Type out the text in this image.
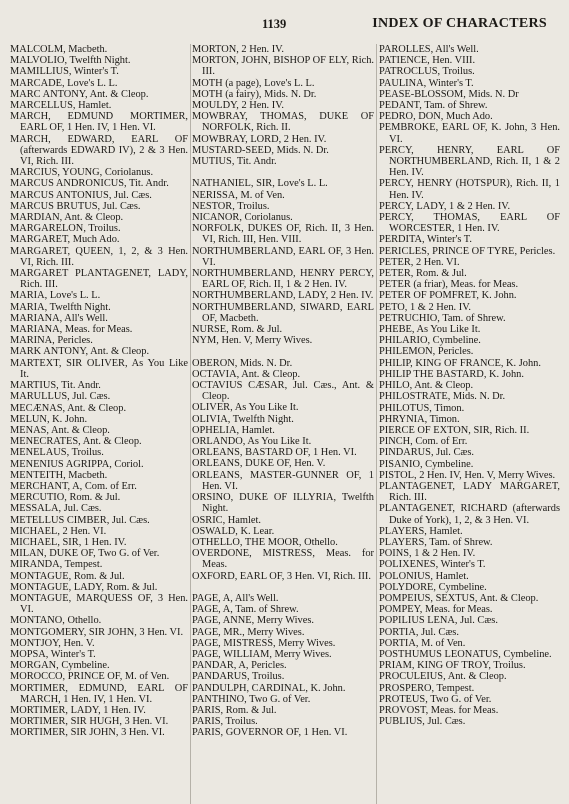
1139	INDEX OF CHARACTERS

MALCOLM, Macbeth.

MALVOLIO, Twelfth Night.

MAMILLIUS, Winter's T.

MARCADE, Love's L. L.

MARC ANTONY, Ant. & Cleop.

MARCELLUS, Hamlet.

MARCH, EDMUND MORTIMER, EARL OF, 1 Hen. IV, 1 Hen. VI.

MARCH, EDWARD, EARL OF (afterwards EDWARD IV), 2 & 3 Hen. VI, Rich. III.

MARCIUS, YOUNG, Coriolanus.

MARCUS ANDRONICUS, Tit. Andr.

MARCUS ANTONIUS, Jul. Cæs.

MARCUS BRUTUS, Jul. Cæs.

MARDIAN, Ant. & Cleop.

MARGARELON, Troilus.

MARGARET, Much Ado.

MARGARET, QUEEN, 1, 2, & 3 Hen. VI, Rich. III.

MARGARET PLANTAGENET, LADY, Rich. III.

MARIA, Love's L. L.

MARIA, Twelfth Night.

MARIANA, All's Well.

MARIANA, Meas. for Meas.

MARINA, Pericles.

MARK ANTONY, Ant. & Cleop.

MARTEXT, SIR OLIVER, As You Like It.

MARTIUS, Tit. Andr.

MARULLUS, Jul. Cæs.

MECÆNAS, Ant. & Cleop.

MELUN, K. John.

MENAS, Ant. & Cleop.

MENECRATES, Ant. & Cleop.

MENELAUS, Troilus.

MENENIUS AGRIPPA, Coriol.

MENTEITH, Macbeth.

MERCHANT, A, Com. of Err.

MERCUTIO, Rom. & Jul.

MESSALA, Jul. Cæs.

METELLUS CIMBER, Jul. Cæs.

MICHAEL, 2 Hen. VI.

MICHAEL, SIR, 1 Hen. IV.

MILAN, DUKE OF, Two G. of Ver.

MIRANDA, Tempest.

MONTAGUE, Rom. & Jul.

MONTAGUE, LADY, Rom. & Jul.

MONTAGUE, MARQUESS OF, 3 Hen. VI.

MONTANO, Othello.

MONTGOMERY, SIR JOHN, 3 Hen. VI.

MONTJOY, Hen. V.

MOPSA, Winter's T.

MORGAN, Cymbeline.

MOROCCO, PRINCE OF, M. of Ven.

MORTIMER, EDMUND, EARL OF MARCH, 1 Hen. IV, 1 Hen. VI.

MORTIMER, LADY, 1 Hen. IV.

MORTIMER, SIR HUGH, 3 Hen. VI.

MORTIMER, SIR JOHN, 3 Hen. VI.

MORTON, 2 Hen. IV.

MORTON, JOHN, BISHOP OF ELY, Rich. III.

MOTH (a page), Love's L. L.

MOTH (a fairy), Mids. N. Dr.

MOULDY, 2 Hen. IV.

MOWBRAY, THOMAS, DUKE OF NORFOLK, Rich. II.

MOWBRAY, LORD, 2 Hen. IV.

MUSTARD-SEED, Mids. N. Dr.

MUTIUS, Tit. Andr.

NATHANIEL, SIR, Love's L. L.

NERISSA, M. of Ven.

NESTOR, Troilus.

NICANOR, Coriolanus.

NORFOLK, DUKES OF, Rich. II, 3 Hen. VI, Rich. III, Hen. VIII.

NORTHUMBERLAND, EARL OF, 3 Hen. VI.

NORTHUMBERLAND, HENRY PERCY, EARL OF, Rich. II, 1 & 2 Hen. IV.

NORTHUMBERLAND, LADY, 2 Hen. IV.

NORTHUMBERLAND, SIWARD, EARL OF, Macbeth.

NURSE, Rom. & Jul.

NYM, Hen. V, Merry Wives.

OBERON, Mids. N. Dr.

OCTAVIA, Ant. & Cleop.

OCTAVIUS CÆSAR, Jul. Cæs., Ant. & Cleop.

OLIVER, As You Like It.

OLIVIA, Twelfth Night.

OPHELIA, Hamlet.

ORLANDO, As You Like It.

ORLEANS, BASTARD OF, 1 Hen. VI.

ORLEANS, DUKE OF, Hen. V.

ORLEANS, MASTER-GUNNER OF, 1 Hen. VI.

ORSINO, DUKE OF ILLYRIA, Twelfth Night.

OSRIC, Hamlet.

OSWALD, K. Lear.

OTHELLO, THE MOOR, Othello.

OVERDONE, MISTRESS, Meas. for Meas.

OXFORD, EARL OF, 3 Hen. VI, Rich. III.

PAGE, A, All's Well.

PAGE, A, Tam. of Shrew.

PAGE, ANNE, Merry Wives.

PAGE, MR., Merry Wives.

PAGE, MISTRESS, Merry Wives.

PAGE, WILLIAM, Merry Wives.

PANDAR, A, Pericles.

PANDARUS, Troilus.

PANDULPH, CARDINAL, K. John.

PANTHINO, Two G. of Ver.

PARIS, Rom. & Jul.

PARIS, Troilus.

PARIS, GOVERNOR OF, 1 Hen. VI.

PAROLLES, All's Well.

PATIENCE, Hen. VIII.

PATROCLUS, Troilus.

PAULINA, Winter's T.

PEASE-BLOSSOM, Mids. N. Dr

PEDANT, Tam. of Shrew.

PEDRO, DON, Much Ado.

PEMBROKE, EARL OF, K. John, 3 Hen. VI.

PERCY, HENRY, EARL OF NORTHUMBERLAND, Rich. II, 1 & 2 Hen. IV.

PERCY, HENRY (HOTSPUR), Rich. II, 1 Hen. IV.

PERCY, LADY, 1 & 2 Hen. IV.

PERCY, THOMAS, EARL OF WORCESTER, 1 Hen. IV.

PERDITA, Winter's T.

PERICLES, PRINCE OF TYRE, Pericles.

PETER, 2 Hen. VI.

PETER, Rom. & Jul.

PETER (a friar), Meas. for Meas.

PETER OF POMFRET, K. John.

PETO, 1 & 2 Hen. IV.

PETRUCHIO, Tam. of Shrew.

PHEBE, As You Like It.

PHILARIO, Cymbeline.

PHILEMON, Pericles.

PHILIP, KING OF FRANCE, K. John.

PHILIP THE BASTARD, K. John.

PHILO, Ant. & Cleop.

PHILOSTRATE, Mids. N. Dr.

PHILOTUS, Timon.

PHRYNIA, Timon.

PIERCE OF EXTON, SIR, Rich. II.

PINCH, Com. of Err.

PINDARUS, Jul. Cæs.

PISANIO, Cymbeline.

PISTOL, 2 Hen. IV, Hen. V, Merry Wives.

PLANTAGENET, LADY MARGARET, Rich. III.

PLANTAGENET, RICHARD (afterwards Duke of York), 1, 2, & 3 Hen. VI.

PLAYERS, Hamlet.

PLAYERS, Tam. of Shrew.

POINS, 1 & 2 Hen. IV.

POLIXENES, Winter's T.

POLONIUS, Hamlet.

POLYDORE, Cymbeline.

POMPEIUS, SEXTUS, Ant. & Cleop.

POMPEY, Meas. for Meas.

POPILIUS LENA, Jul. Cæs.

PORTIA, Jul. Cæs.

PORTIA, M. of Ven.

POSTHUMUS LEONATUS, Cymbeline.

PRIAM, KING OF TROY, Troilus.

PROCULEIUS, Ant. & Cleop.

PROSPERO, Tempest.

PROTEUS, Two G. of Ver.

PROVOST, Meas. for Meas.

PUBLIUS, Jul. Cæs.
